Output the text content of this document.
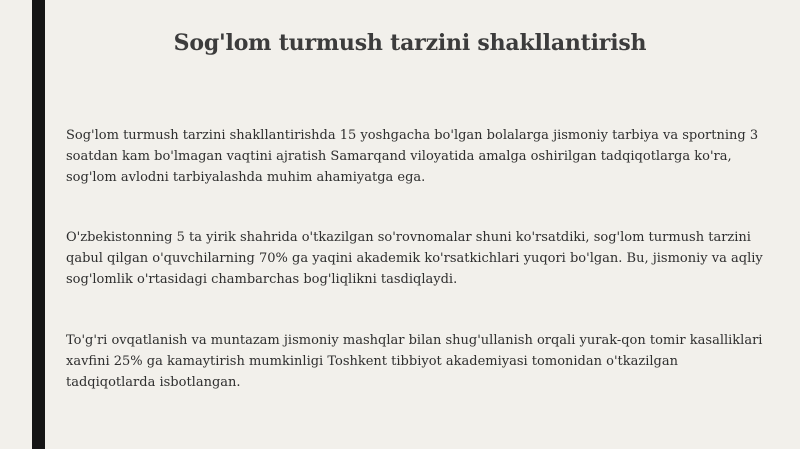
Sog'lom turmush tarzini shakllantirish

Sog'lom turmush tarzini shakllantirishda 15 yoshgacha bo'lgan bolalarga jismoniy tarbiya va sportning 3 soatdan kam bo'lmagan vaqtini ajratish Samarqand viloyatida amalga oshirilgan tadqiqotlarga ko'ra, sog'lom avlodni tarbiyalashda muhim ahamiyatga ega.

O'zbekistonning 5 ta yirik shahrida o'tkazilgan so'rovnomalar shuni ko'rsatdiki, sog'lom turmush tarzini qabul qilgan o'quvchilarning 70% ga yaqini akademik ko'rsatkichlari yuqori bo'lgan. Bu, jismoniy va aqliy sog'lomlik o'rtasidagi chambarchas bog'liqlikni tasdiqlaydi.

To'g'ri ovqatlanish va muntazam jismoniy mashqlar bilan shug'ullanish orqali yurak-qon tomir kasalliklari xavfini 25% ga kamaytirish mumkinligi Toshkent tibbiyot akademiyasi tomonidan o'tkazilgan tadqiqotlarda isbotlangan.
